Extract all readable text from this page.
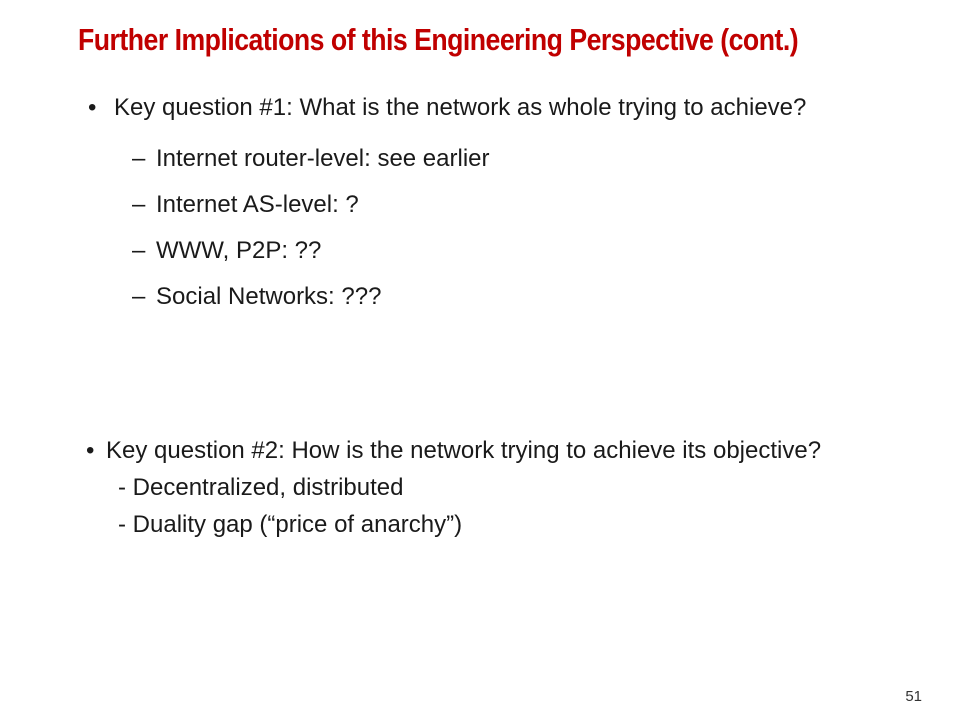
Further Implications of this Engineering Perspective (cont.)
• Key question #1: What is the network as whole trying to achieve?
– Internet router-level: see earlier
– Internet AS-level: ?
– WWW, P2P: ??
– Social Networks: ???
• Key question #2: How is the network trying to achieve its objective?
- Decentralized, distributed
- Duality gap (“price of anarchy”)
51
